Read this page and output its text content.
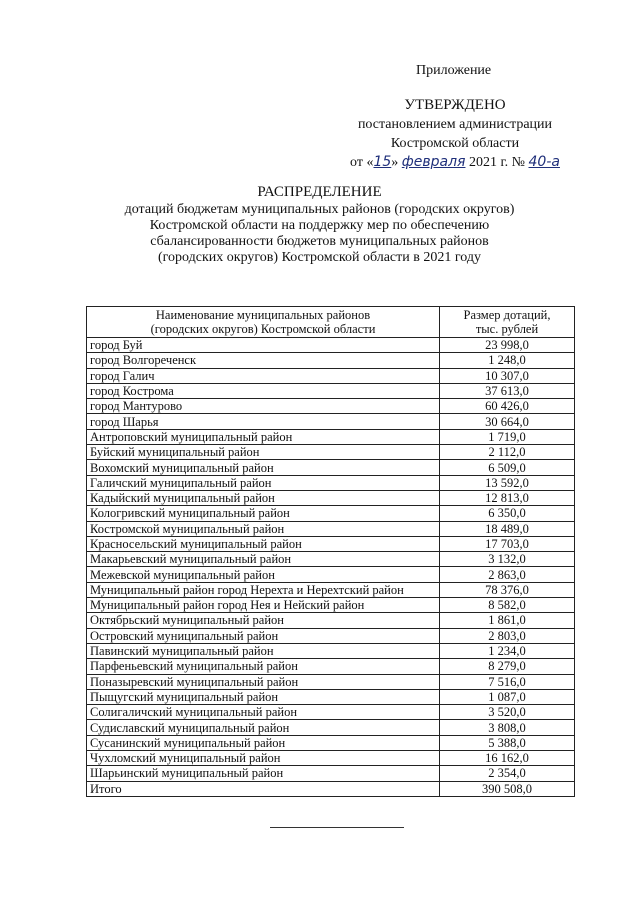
Приложение
УТВЕРЖДЕНО
постановлением администрации
Костромской области
от «15» февраля 2021 г. № 40-а
РАСПРЕДЕЛЕНИЕ
дотаций бюджетам муниципальных районов (городских округов)
Костромской области на поддержку мер по обеспечению
сбалансированности бюджетов муниципальных районов
(городских округов) Костромской области в 2021 году
Наименование муниципальных районов
(городских округов) Костромской области	Размер дотаций,
тыс. рублей
город Буй	23 998,0
город Волгореченск	1 248,0
город Галич	10 307,0
город Кострома	37 613,0
город Мантурово	60 426,0
город Шарья	30 664,0
Антроповский муниципальный район	1 719,0
Буйский муниципальный район	2 112,0
Вохомский муниципальный район	6 509,0
Галичский муниципальный район	13 592,0
Кадыйский муниципальный район	12 813,0
Кологривский муниципальный район	6 350,0
Костромской муниципальный район	18 489,0
Красносельский муниципальный район	17 703,0
Макарьевский муниципальный район	3 132,0
Межевской муниципальный район	2 863,0
Муниципальный район город Нерехта и Нерехтский район	78 376,0
Муниципальный район город Нея и Нейский район	8 582,0
Октябрьский муниципальный район	1 861,0
Островский муниципальный район	2 803,0
Павинский муниципальный район	1 234,0
Парфеньевский муниципальный район	8 279,0
Поназыревский муниципальный район	7 516,0
Пыщугский муниципальный район	1 087,0
Солигаличский муниципальный район	3 520,0
Судиславский муниципальный район	3 808,0
Сусанинский муниципальный район	5 388,0
Чухломский муниципальный район	16 162,0
Шарьинский муниципальный район	2 354,0
Итого	390 508,0
